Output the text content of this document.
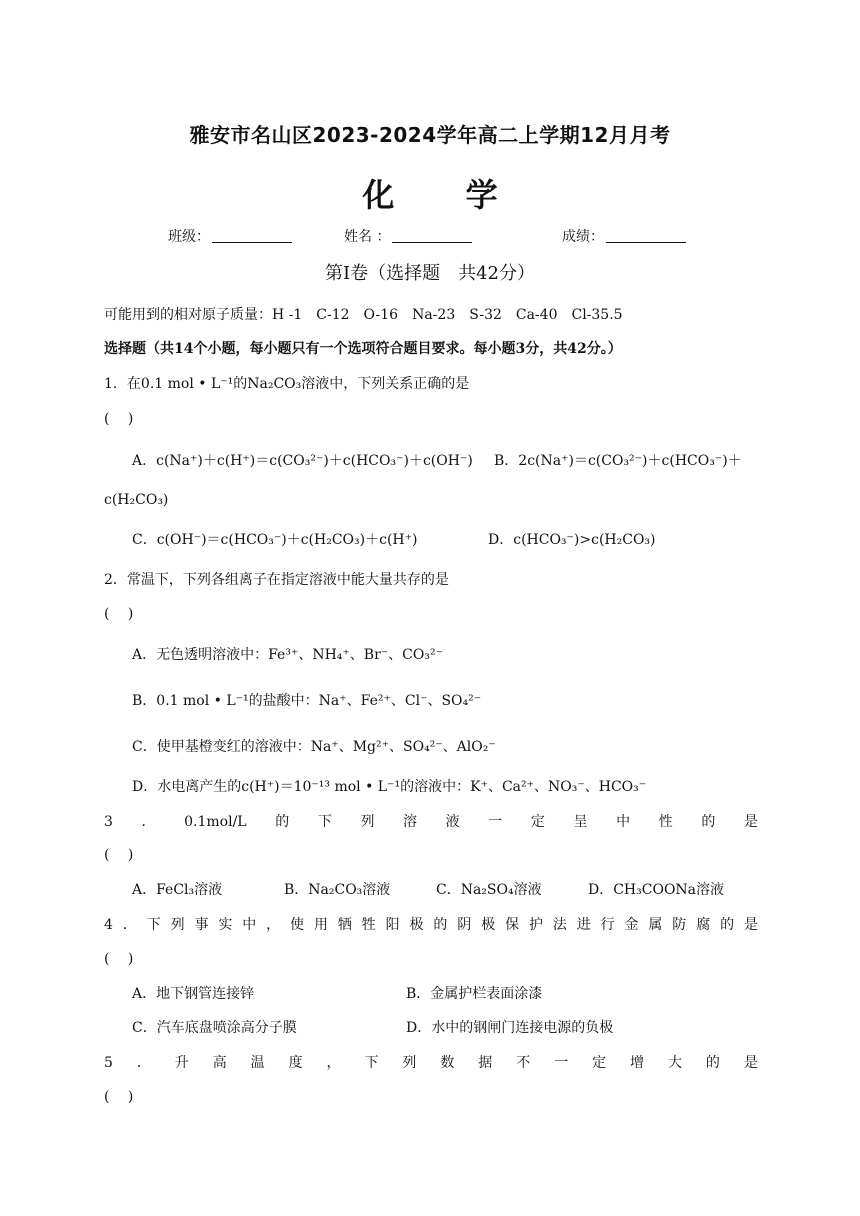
雅安市名山区2023-2024学年高二上学期12月月考
化 学
班级：	姓名 ：	成绩：
第Ⅰ卷（选择题　共42分）
可能用到的相对原子质量：H -1　C-12　O-16　Na-23　S-32　Ca-40　Cl-35.5
选择题（共14个小题，每小题只有一个选项符合题目要求。每小题3分，共42分。）
1．在0.1 mol • L⁻¹的Na₂CO₃溶液中，下列关系正确的是
(　 )
A．c(Na⁺)＋c(H⁺)＝c(CO₃²⁻)＋c(HCO₃⁻)＋c(OH⁻) B．2c(Na⁺)＝c(CO₃²⁻)＋c(HCO₃⁻)＋
c(H₂CO₃)
C．c(OH⁻)＝c(HCO₃⁻)＋c(H₂CO₃)＋c(H⁺)	D．c(HCO₃⁻)>c(H₂CO₃)
2．常温下，下列各组离子在指定溶液中能大量共存的是
(　 )
A．无色透明溶液中：Fe³⁺、NH₄⁺、Br⁻、CO₃²⁻
B．0.1 mol • L⁻¹的盐酸中：Na⁺、Fe²⁺、Cl⁻、SO₄²⁻
C．使甲基橙变红的溶液中：Na⁺、Mg²⁺、SO₄²⁻、AlO₂⁻
D．水电离产生的c(H⁺)＝10⁻¹³ mol • L⁻¹的溶液中：K⁺、Ca²⁺、NO₃⁻、HCO₃⁻
3 ． 0.1mol/L 的 下 列 溶 液 一 定 呈 中 性 的 是
(　 )
A．FeCl₃溶液	B．Na₂CO₃溶液	C．Na₂SO₄溶液	D．CH₃COONa溶液
4 ． 下 列 事 实 中 ， 使 用 牺 牲 阳 极 的 阴 极 保 护 法 进 行 金 属 防 腐 的 是
(　 )
A．地下钢管连接锌	B．金属护栏表面涂漆
C．汽车底盘喷涂高分子膜	D．水中的钢闸门连接电源的负极
5 ． 升 高 温 度 ， 下 列 数 据 不 一 定 增 大 的 是
(　 )
